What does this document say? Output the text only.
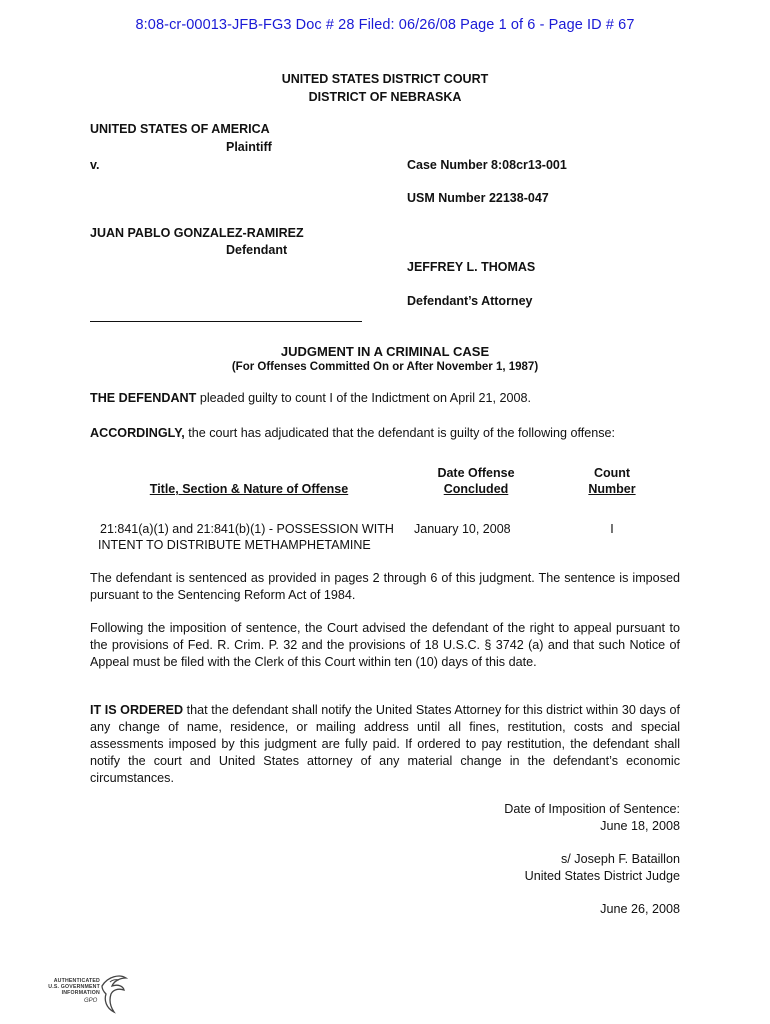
8:08-cr-00013-JFB-FG3 Doc # 28 Filed: 06/26/08 Page 1 of 6 - Page ID # 67
UNITED STATES DISTRICT COURT
DISTRICT OF NEBRASKA
UNITED STATES OF AMERICA
Plaintiff
v.	Case Number 8:08cr13-001
USM Number 22138-047
JUAN PABLO GONZALEZ-RAMIREZ
Defendant
JEFFREY L. THOMAS
Defendant’s Attorney
JUDGMENT IN A CRIMINAL CASE
(For Offenses Committed On or After November 1, 1987)
THE DEFENDANT pleaded guilty to count I of the Indictment on April 21, 2008.
ACCORDINGLY, the court has adjudicated that the defendant is guilty of the following offense:
Title, Section & Nature of Offense
Date Offense
Concluded
Count
Number
21:841(a)(1) and 21:841(b)(1) - POSSESSION WITH
INTENT TO DISTRIBUTE METHAMPHETAMINE
January 10, 2008	I
The defendant is sentenced as provided in pages 2 through 6 of this judgment. The sentence is imposed pursuant to the Sentencing Reform Act of 1984.
Following the imposition of sentence, the Court advised the defendant of the right to appeal pursuant to the provisions of Fed. R. Crim. P. 32 and the provisions of 18 U.S.C. § 3742 (a) and that such Notice of Appeal must be filed with the Clerk of this Court within ten (10) days of this date.
IT IS ORDERED that the defendant shall notify the United States Attorney for this district within 30 days of any change of name, residence, or mailing address until all fines, restitution, costs and special assessments imposed by this judgment are fully paid. If ordered to pay restitution, the defendant shall notify the court and United States attorney of any material change in the defendant’s economic circumstances.
Date of Imposition of Sentence:
June 18, 2008
s/ Joseph F. Bataillon
United States District Judge
June 26, 2008
AUTHENTICATED
U.S. GOVERNMENT
INFORMATION
GPO
